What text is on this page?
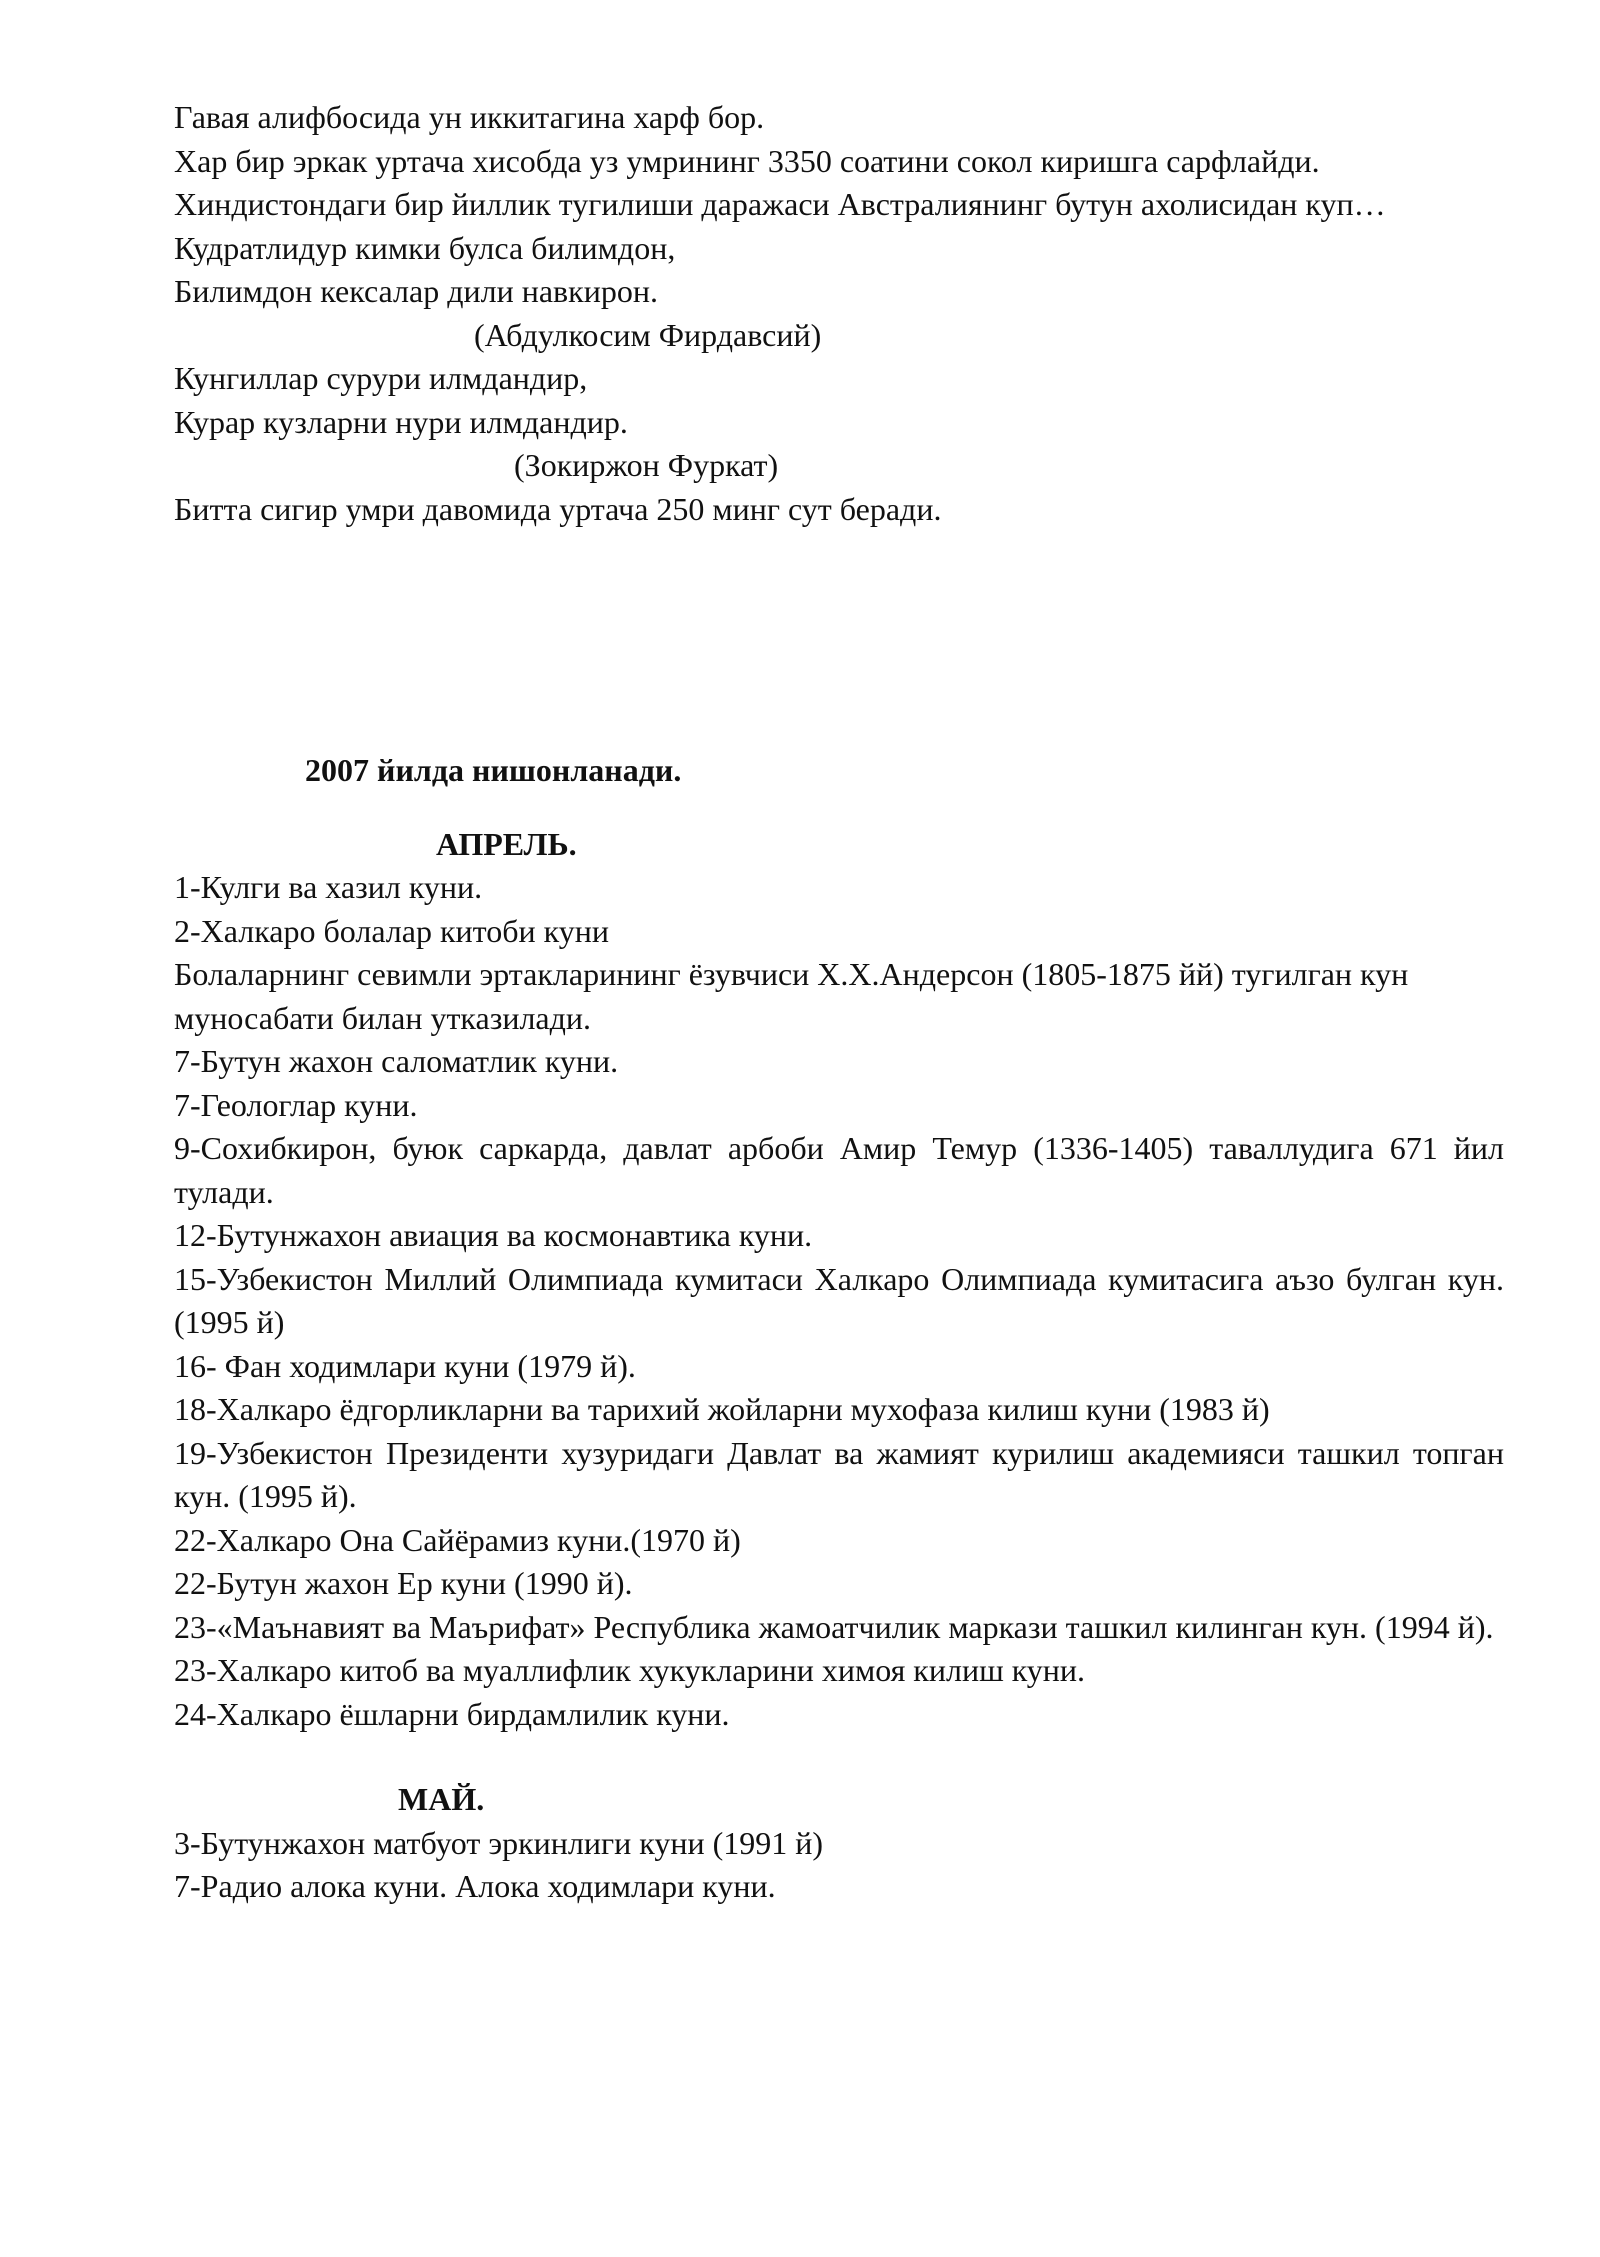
Гавая алифбосида ун иккитагина харф бор.

Хар бир эркак уртача хисобда уз умрининг 3350 соатини сокол киришга сарфлайди.

Хиндистондаги бир йиллик тугилиши даражаси Австралиянинг бутун ахолисидан куп…

Кудратлидур кимки булса билимдон,

Билимдон кексалар дили навкирон.

(Абдулкосим Фирдавсий)

Кунгиллар сурури илмдандир,

Курар кузларни нури илмдандир.

(Зокиржон Фуркат)

Битта сигир умри давомида уртача 250 минг сут беради.

2007 йилда нишонланади.

АПРЕЛЬ.

1-Кулги ва хазил куни.

2-Халкаро болалар китоби куни

Болаларнинг севимли эртакларининг ёзувчиси Х.Х.Андерсон (1805-1875 йй) тугилган кун муносабати билан утказилади.

7-Бутун жахон саломатлик куни.

7-Геологлар куни.

9-Сохибкирон, буюк саркарда, давлат арбоби Амир Темур (1336-1405) таваллудига 671 йил тулади.

12-Бутунжахон авиация ва космонавтика куни.

15-Узбекистон Миллий Олимпиада кумитаси Халкаро Олимпиада кумитасига аъзо булган кун. (1995 й)

16- Фан ходимлари куни (1979 й).

18-Халкаро ёдгорликларни ва тарихий жойларни мухофаза килиш куни (1983 й)

19-Узбекистон Президенти хузуридаги Давлат ва жамият курилиш академияси ташкил топган кун. (1995 й).

22-Халкаро Она Сайёрамиз куни.(1970 й)

22-Бутун жахон Ер куни (1990 й).

23-«Маънавият ва Маърифат» Республика жамоатчилик маркази ташкил килинган кун. (1994 й).

23-Халкаро китоб ва муаллифлик хукукларини химоя килиш куни.

24-Халкаро ёшларни бирдамлилик куни.

МАЙ.

3-Бутунжахон матбуот эркинлиги куни (1991 й)

7-Радио алока куни. Алока ходимлари куни.
